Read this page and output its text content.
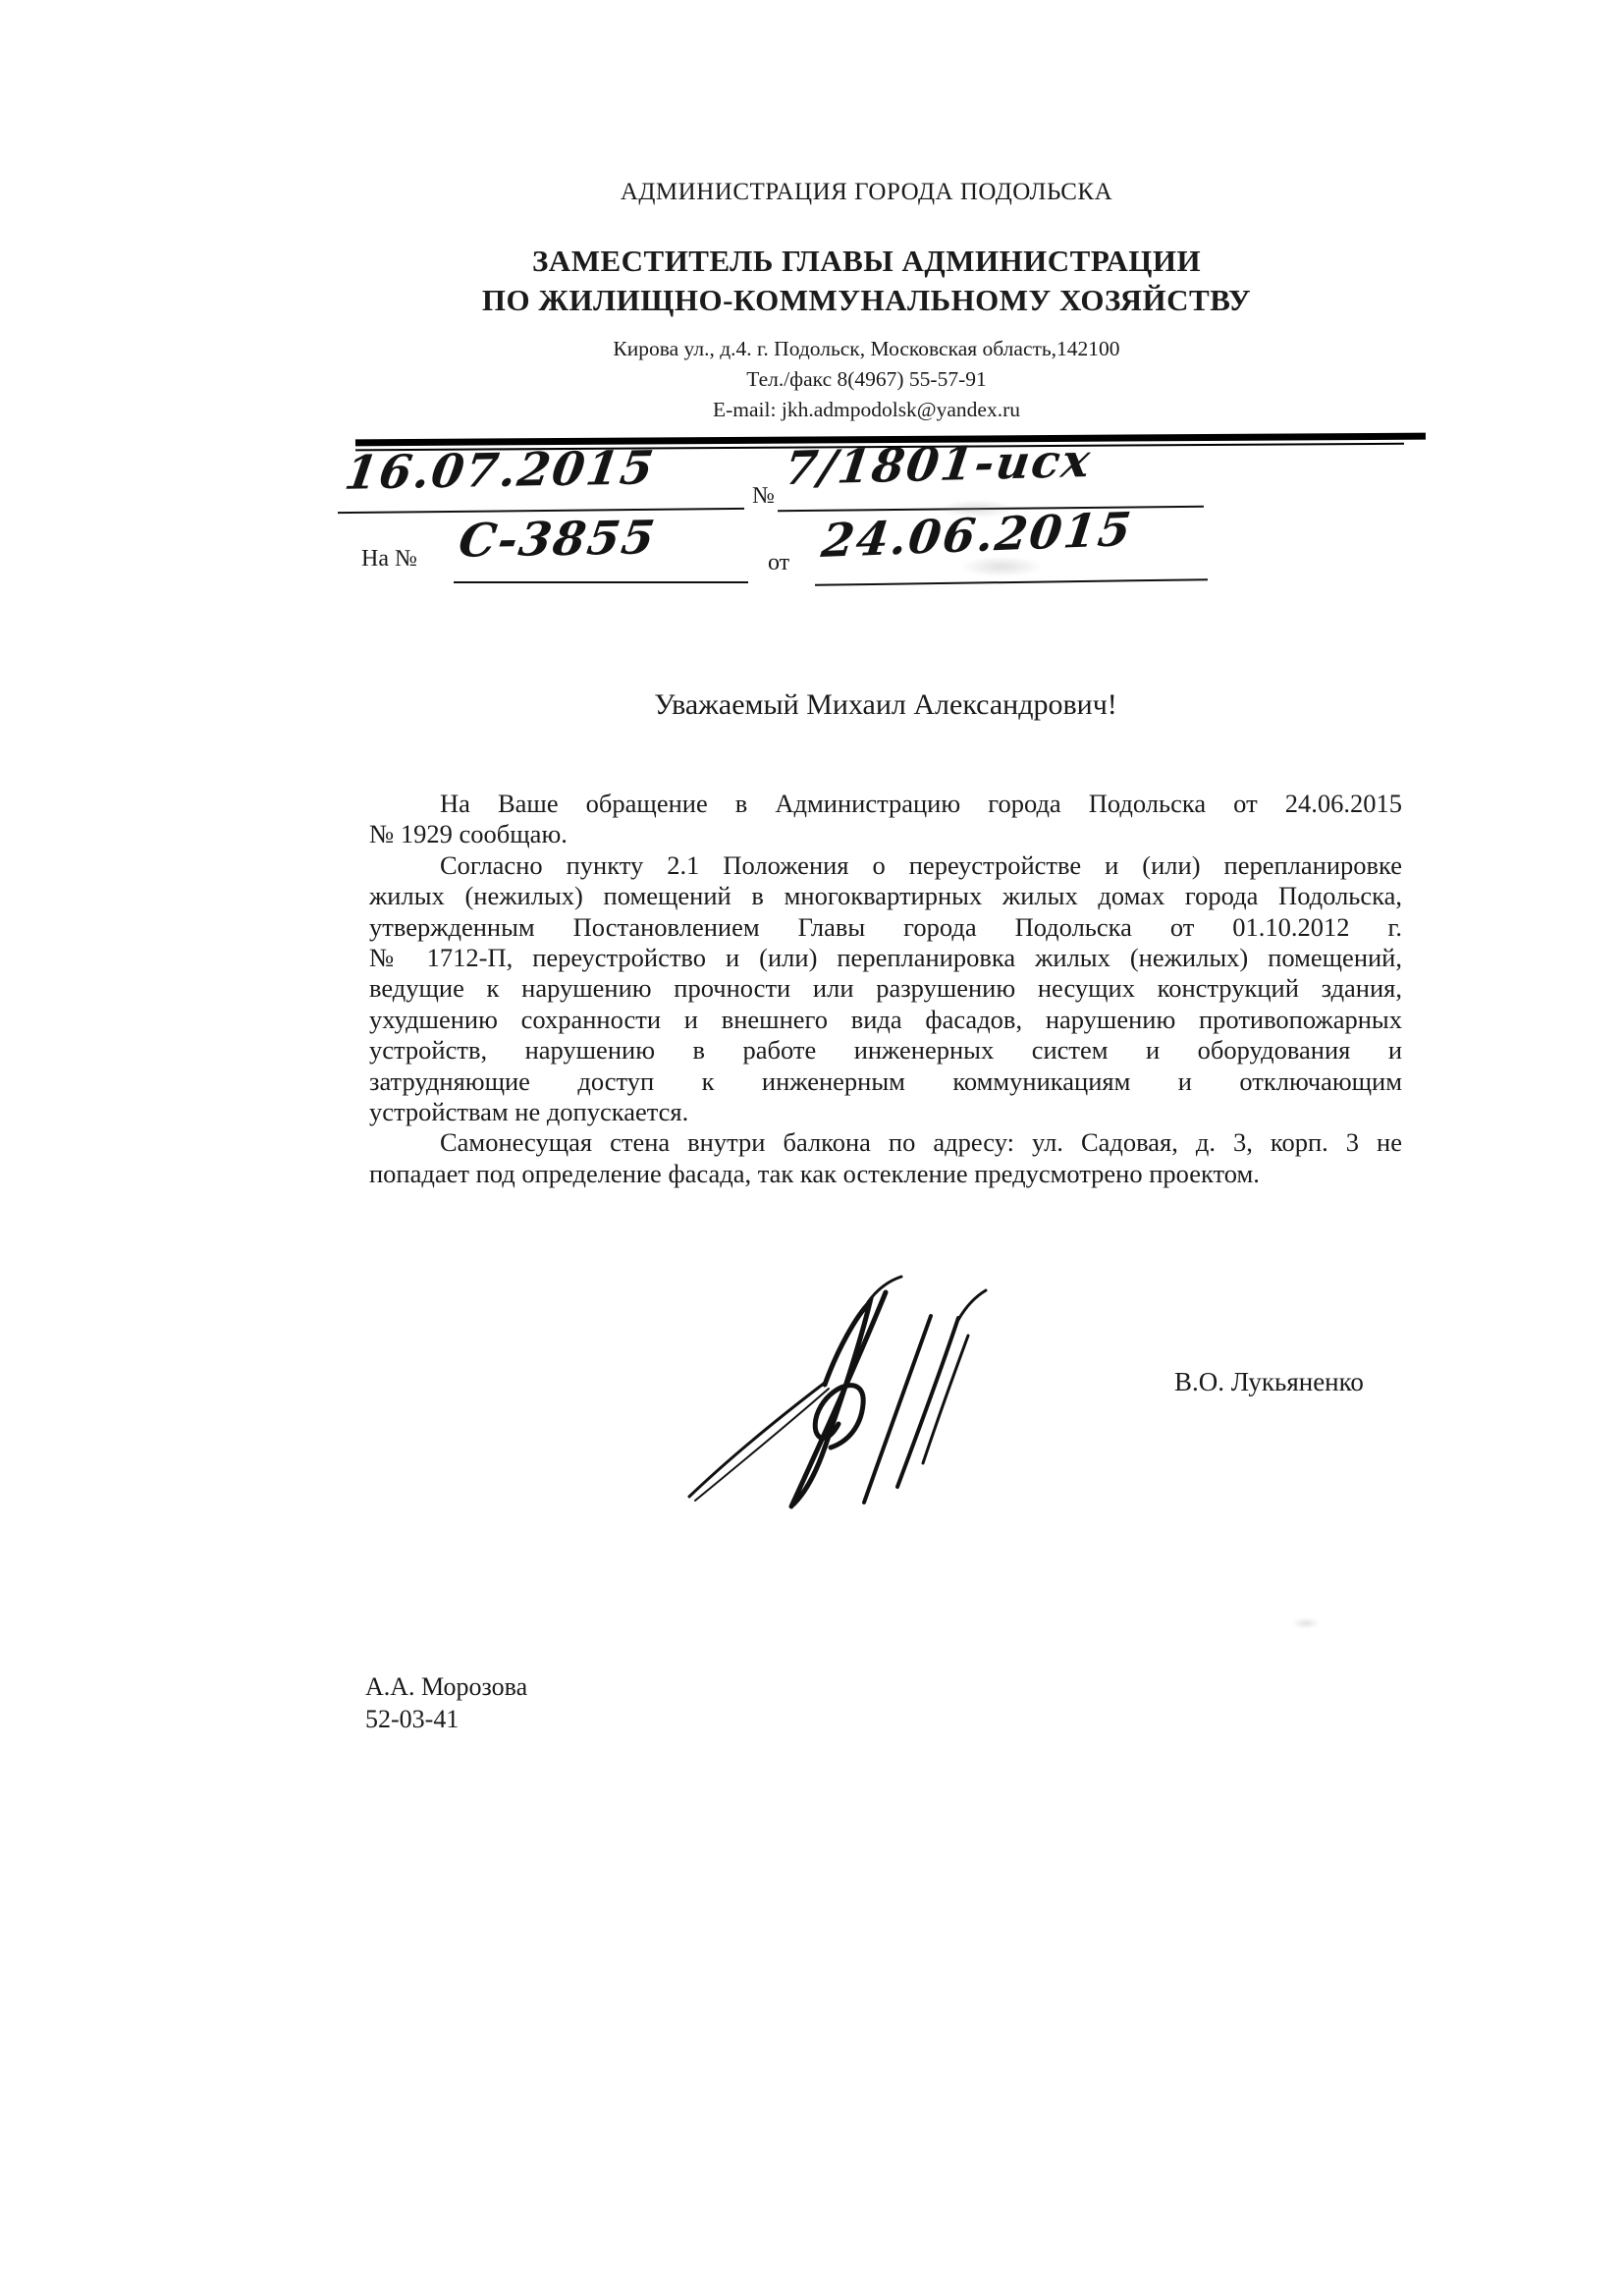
АДМИНИСТРАЦИЯ ГОРОДА ПОДОЛЬСКА
ЗАМЕСТИТЕЛЬ ГЛАВЫ АДМИНИСТРАЦИИ
ПО ЖИЛИЩНО-КОММУНАЛЬНОМУ ХОЗЯЙСТВУ
Кирова ул., д.4. г. Подольск, Московская область,142100
Тел./факс 8(4967) 55-57-91
E-mail: jkh.admpodolsk@yandex.ru
16.07.2015	№ 7/1801-исх
На № С-3855	от 24.06.2015
Уважаемый Михаил Александрович!
На Ваше обращение в Администрацию города Подольска от 24.06.2015
№ 1929 сообщаю.
Согласно пункту 2.1 Положения о переустройстве и (или) перепланировке
жилых (нежилых) помещений в многоквартирных жилых домах города Подольска,
утвержденным Постановлением Главы города Подольска от 01.10.2012 г.
№ 1712-П, переустройство и (или) перепланировка жилых (нежилых) помещений,
ведущие к нарушению прочности или разрушению несущих конструкций здания,
ухудшению сохранности и внешнего вида фасадов, нарушению противопожарных
устройств, нарушению в работе инженерных систем и оборудования и
затрудняющие доступ к инженерным коммуникациям и отключающим
устройствам не допускается.
Самонесущая стена внутри балкона по адресу: ул. Садовая, д. 3, корп. 3 не
попадает под определение фасада, так как остекление предусмотрено проектом.
В.О. Лукьяненко
А.А. Морозова
52-03-41
